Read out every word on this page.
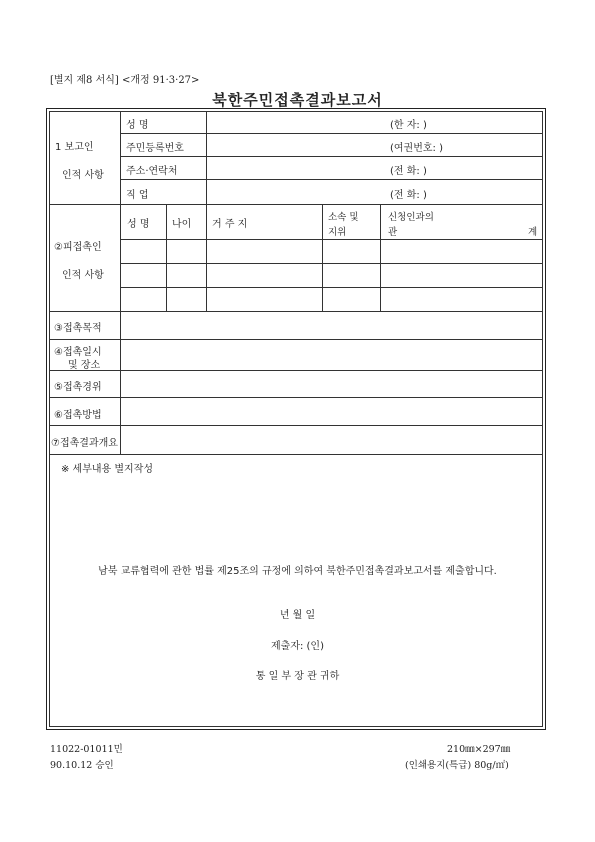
[별지 제8 서식] <개정 91·3·27>
북한주민접촉결과보고서
1 보고인
인적 사항
성 명
주민등록번호
주소·연락처
직 업
(한 자: )
(여권번호: )
(전 화: )
(전 화: )
②피접촉인
인적 사항
성 명 나이 거 주 지
소속 및
지위
신청인과의
관	계
③접촉목적
④접촉일시
및 장소
⑤접촉경위
⑥접촉방법
⑦접촉결과개요
※ 세부내용 별지작성
남북 교류협력에 관한 법률 제25조의 규정에 의하여 북한주민접촉결과보고서를 제출합니다.
년 월 일
제출자: (인)
통 일 부 장 관 귀하
11022-01011민
90.10.12 승인
210㎜×297㎜
(인쇄용지(특급) 80g/㎡)
